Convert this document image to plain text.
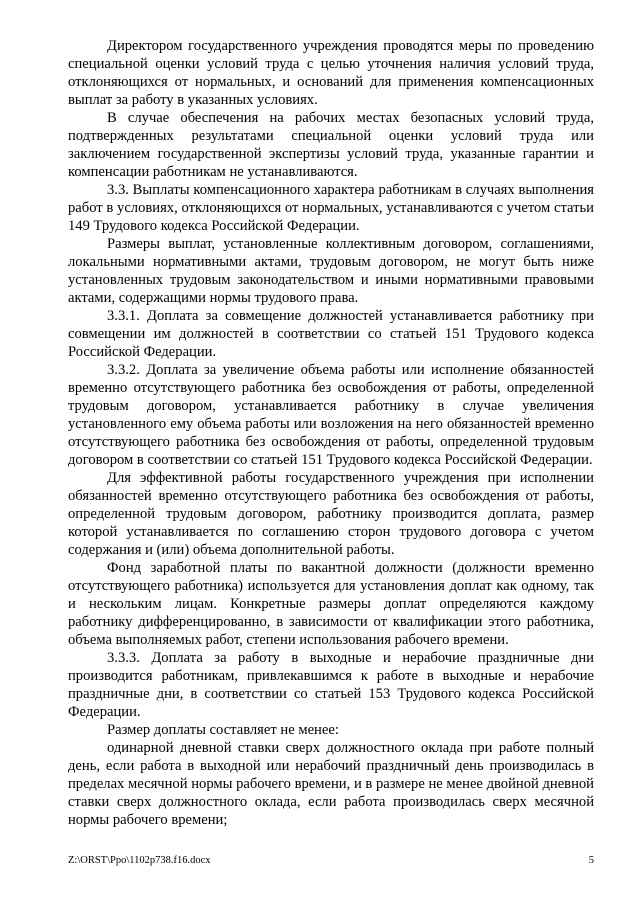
Директором государственного учреждения проводятся меры по проведению специальной оценки условий труда с целью уточнения наличия условий труда, отклоняющихся от нормальных, и оснований для применения компенсационных выплат за работу в указанных условиях.

В случае обеспечения на рабочих местах безопасных условий труда, подтвержденных результатами специальной оценки условий труда или заключением государственной экспертизы условий труда, указанные гарантии и компенсации работникам не устанавливаются.

3.3. Выплаты компенсационного характера работникам в случаях выполнения работ в условиях, отклоняющихся от нормальных, устанавливаются с учетом статьи 149 Трудового кодекса Российской Федерации.

Размеры выплат, установленные коллективным договором, соглашениями, локальными нормативными актами, трудовым договором, не могут быть ниже установленных трудовым законодательством и иными нормативными правовыми актами, содержащими нормы трудового права.

3.3.1. Доплата за совмещение должностей устанавливается работнику при совмещении им должностей в соответствии со статьей 151 Трудового кодекса Российской Федерации.

3.3.2. Доплата за увеличение объема работы или исполнение обязанностей временно отсутствующего работника без освобождения от работы, определенной трудовым договором, устанавливается работнику в случае увеличения установленного ему объема работы или возложения на него обязанностей временно отсутствующего работника без освобождения от работы, определенной трудовым договором в соответствии со статьей 151 Трудового кодекса Российской Федерации.

Для эффективной работы государственного учреждения при исполнении обязанностей временно отсутствующего работника без освобождения от работы, определенной трудовым договором, работнику производится доплата, размер которой устанавливается по соглашению сторон трудового договора с учетом содержания и (или) объема дополнительной работы.

Фонд заработной платы по вакантной должности (должности временно отсутствующего работника) используется для установления доплат как одному, так и нескольким лицам. Конкретные размеры доплат определяются каждому работнику дифференцированно, в зависимости от квалификации этого работника, объема выполняемых работ, степени использования рабочего времени.

3.3.3. Доплата за работу в выходные и нерабочие праздничные дни производится работникам, привлекавшимся к работе в выходные и нерабочие праздничные дни, в соответствии со статьей 153 Трудового кодекса Российской Федерации.

Размер доплаты составляет не менее:

одинарной дневной ставки сверх должностного оклада при работе полный день, если работа в выходной или нерабочий праздничный день производилась в пределах месячной нормы рабочего времени, и в размере не менее двойной дневной ставки сверх должностного оклада, если работа производилась сверх месячной нормы рабочего времени;

Z:\ORST\Ppo\1102p738.f16.docx	5
